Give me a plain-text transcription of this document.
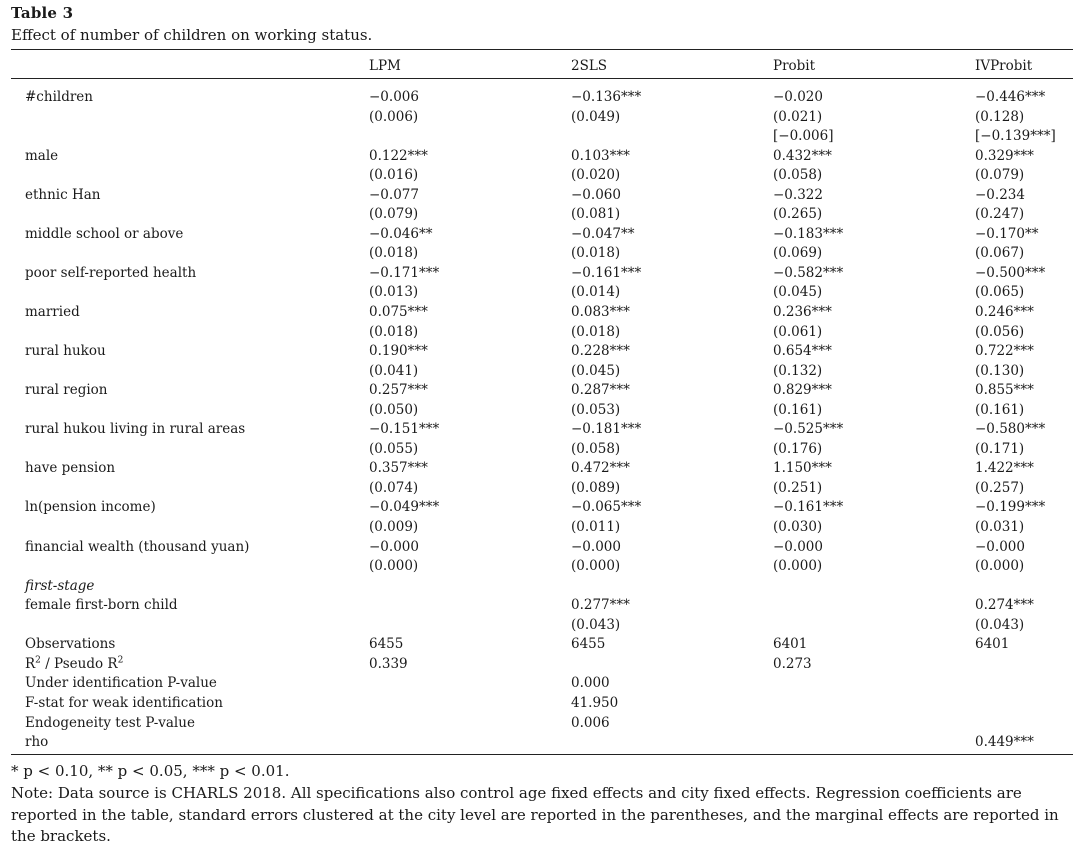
Table 3
Effect of number of children on working status.
	LPM	2SLS	Probit	IVProbit

#children	−0.006	−0.136***	−0.020	−0.446***
	(0.006)	(0.049)	(0.021)	(0.128)
			[−0.006]	[−0.139***]
male	0.122***	0.103***	0.432***	0.329***
	(0.016)	(0.020)	(0.058)	(0.079)
ethnic Han	−0.077	−0.060	−0.322	−0.234
	(0.079)	(0.081)	(0.265)	(0.247)
middle school or above	−0.046**	−0.047**	−0.183***	−0.170**
	(0.018)	(0.018)	(0.069)	(0.067)
poor self-reported health	−0.171***	−0.161***	−0.582***	−0.500***
	(0.013)	(0.014)	(0.045)	(0.065)
married	0.075***	0.083***	0.236***	0.246***
	(0.018)	(0.018)	(0.061)	(0.056)
rural hukou	0.190***	0.228***	0.654***	0.722***
	(0.041)	(0.045)	(0.132)	(0.130)
rural region	0.257***	0.287***	0.829***	0.855***
	(0.050)	(0.053)	(0.161)	(0.161)
rural hukou living in rural areas	−0.151***	−0.181***	−0.525***	−0.580***
	(0.055)	(0.058)	(0.176)	(0.171)
have pension	0.357***	0.472***	1.150***	1.422***
	(0.074)	(0.089)	(0.251)	(0.257)
ln(pension income)	−0.049***	−0.065***	−0.161***	−0.199***
	(0.009)	(0.011)	(0.030)	(0.031)
financial wealth (thousand yuan)	−0.000	−0.000	−0.000	−0.000
	(0.000)	(0.000)	(0.000)	(0.000)
first-stage				
female first-born child		0.277***		0.274***
		(0.043)		(0.043)
Observations	6455	6455	6401	6401
$R^2$ / Pseudo $R^2$	0.339		0.273	
Under identification P-value		0.000		
F-stat for weak identification		41.950		
Endogeneity test P-value		0.006		
rho				0.449***
* p < 0.10, ** p < 0.05, *** p < 0.01.
Note: Data source is CHARLS 2018. All specifications also control age fixed effects and city fixed effects. Regression coefficients are reported in the table, standard errors clustered at the city level are reported in the parentheses, and the marginal effects are reported in the brackets.
